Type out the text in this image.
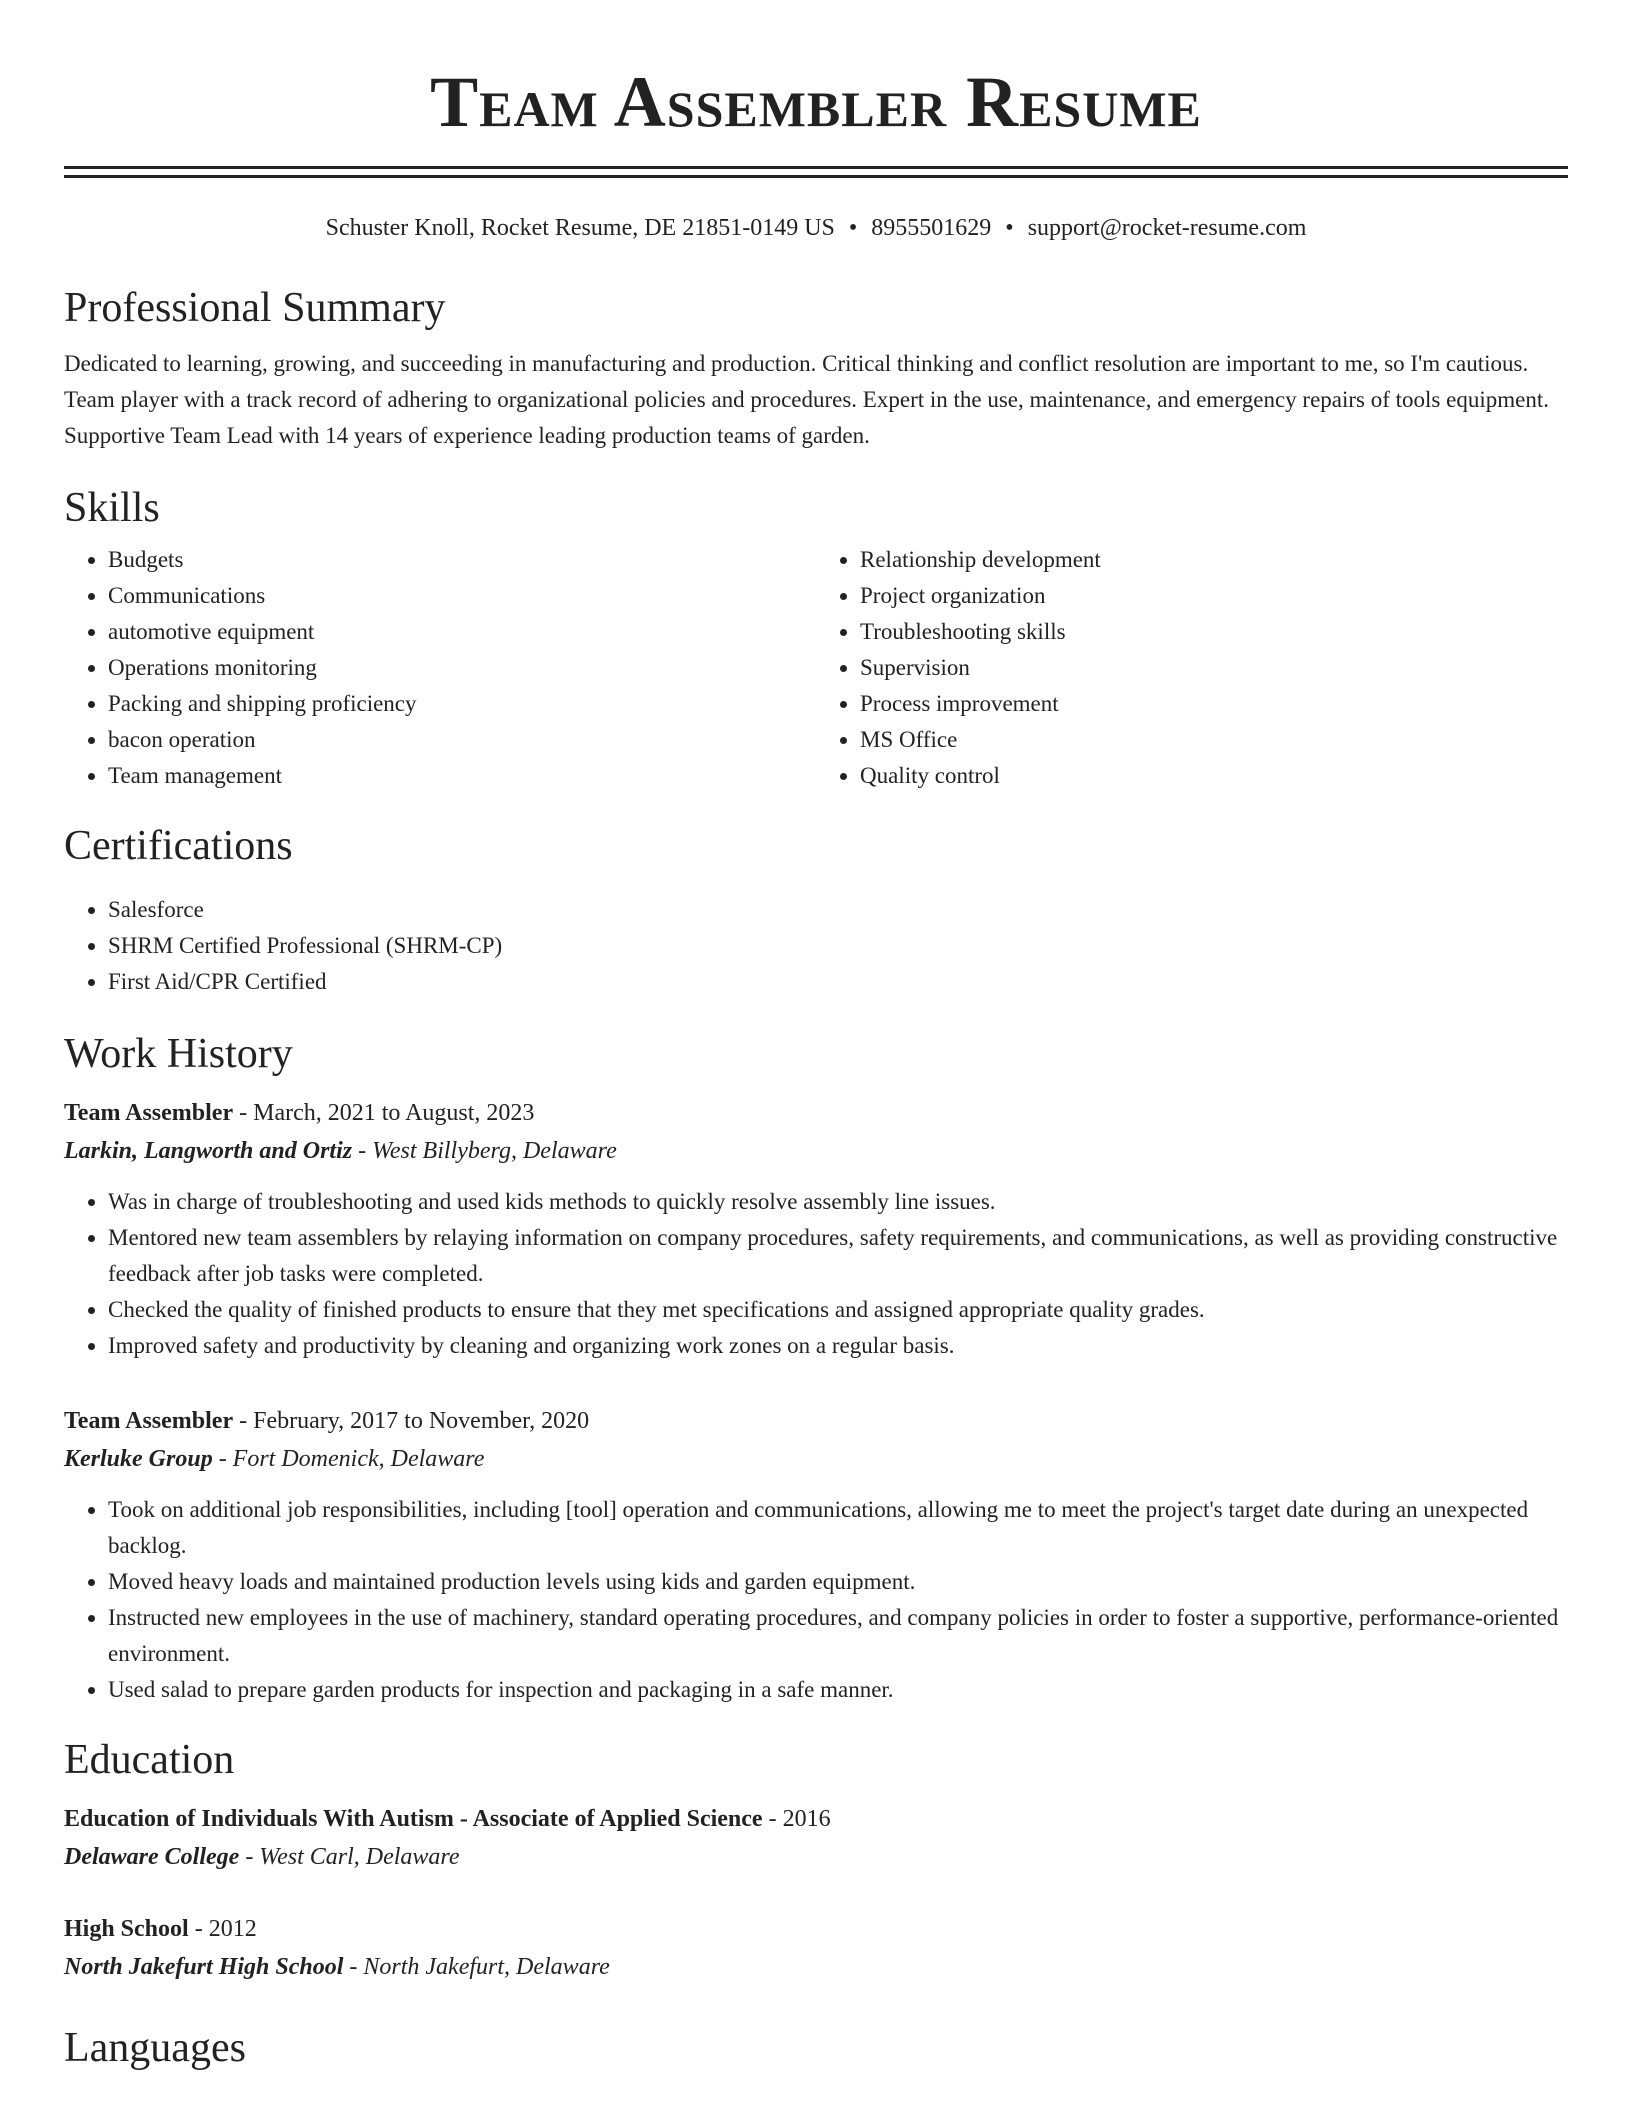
Team Assembler Resume
Schuster Knoll, Rocket Resume, DE 21851-0149 US • 8955501629 • support@rocket-resume.com
Professional Summary

Dedicated to learning, growing, and succeeding in manufacturing and production. Critical thinking and conflict resolution are important to me, so I'm cautious. Team player with a track record of adhering to organizational policies and procedures. Expert in the use, maintenance, and emergency repairs of tools equipment. Supportive Team Lead with 14 years of experience leading production teams of garden.

Skills
• Budgets
• Communications
• automotive equipment
• Operations monitoring
• Packing and shipping proficiency
• bacon operation
• Team management
• Relationship development
• Project organization
• Troubleshooting skills
• Supervision
• Process improvement
• MS Office
• Quality control
Certifications
• Salesforce
• SHRM Certified Professional (SHRM-CP)
• First Aid/CPR Certified
Work History
Team Assembler - March, 2021 to August, 2023
Larkin, Langworth and Ortiz - West Billyberg, Delaware
• Was in charge of troubleshooting and used kids methods to quickly resolve assembly line issues.
• Mentored new team assemblers by relaying information on company procedures, safety requirements, and communications, as well as providing constructive feedback after job tasks were completed.
• Checked the quality of finished products to ensure that they met specifications and assigned appropriate quality grades.
• Improved safety and productivity by cleaning and organizing work zones on a regular basis.
Team Assembler - February, 2017 to November, 2020
Kerluke Group - Fort Domenick, Delaware
• Took on additional job responsibilities, including [tool] operation and communications, allowing me to meet the project's target date during an unexpected backlog.
• Moved heavy loads and maintained production levels using kids and garden equipment.
• Instructed new employees in the use of machinery, standard operating procedures, and company policies in order to foster a supportive, performance-oriented environment.
• Used salad to prepare garden products for inspection and packaging in a safe manner.
Education
Education of Individuals With Autism - Associate of Applied Science - 2016
Delaware College - West Carl, Delaware
High School - 2012
North Jakefurt High School - North Jakefurt, Delaware
Languages
